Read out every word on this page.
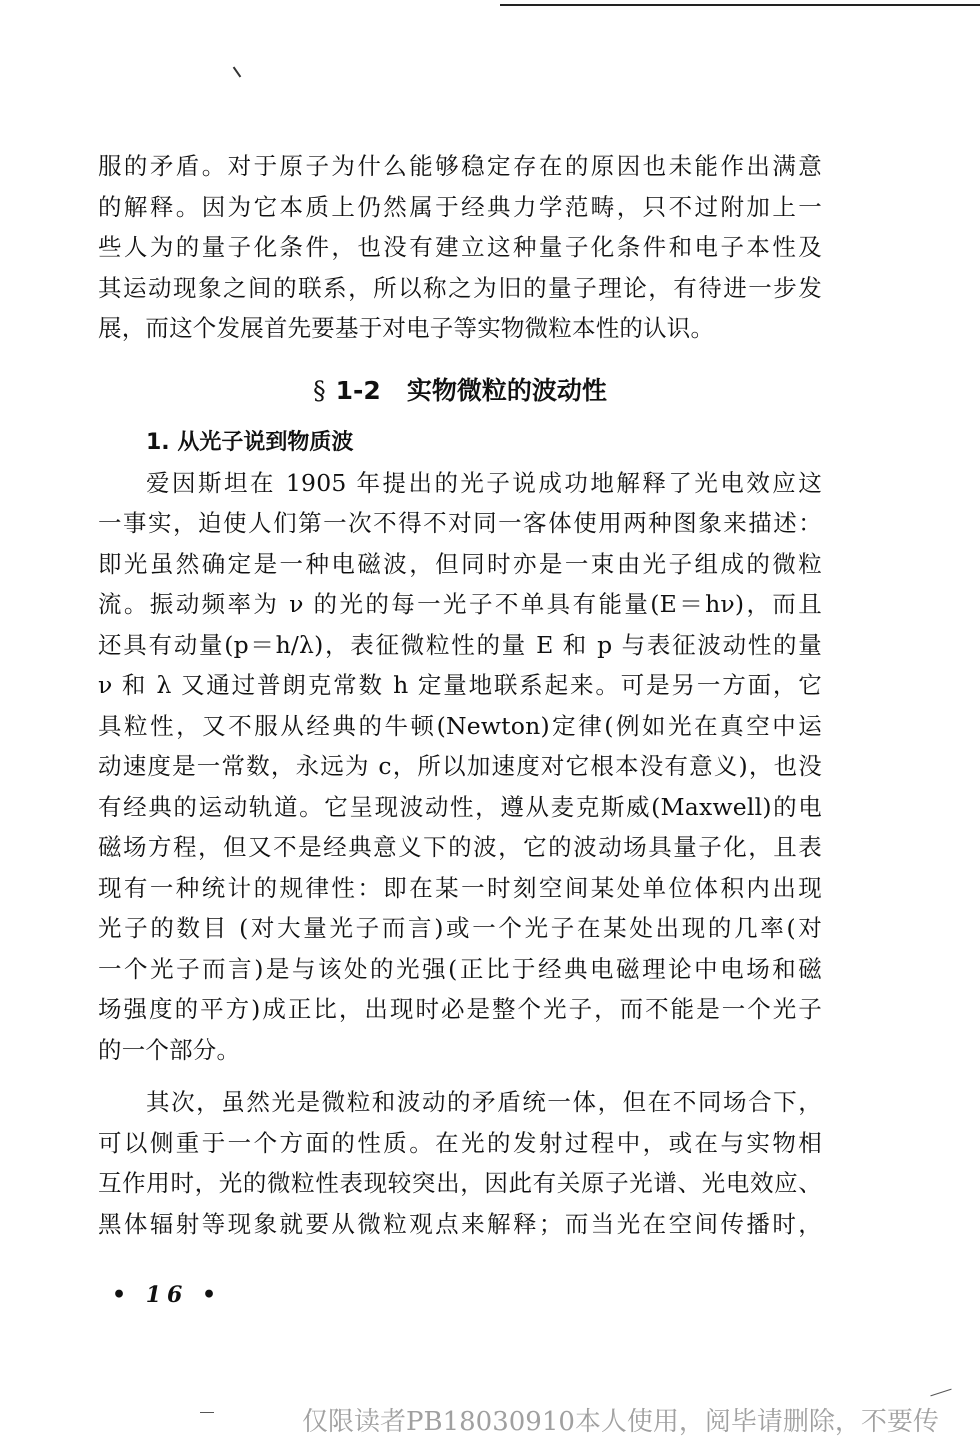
服的矛盾。对于原子为什么能够稳定存在的原因也未能作出满意
的解释。因为它本质上仍然属于经典力学范畴，只不过附加上一
些人为的量子化条件，也没有建立这种量子化条件和电子本性及
其运动现象之间的联系，所以称之为旧的量子理论，有待进一步发
展，而这个发展首先要基于对电子等实物微粒本性的认识。
§ 1-2 实物微粒的波动性
1. 从光子说到物质波
爱因斯坦在 1905 年提出的光子说成功地解释了光电效应这
一事实，迫使人们第一次不得不对同一客体使用两种图象来描述：
即光虽然确定是一种电磁波，但同时亦是一束由光子组成的微粒
流。振动频率为 ν 的光的每一光子不单具有能量(E＝hν)，而且
还具有动量(p＝h/λ)，表征微粒性的量 E 和 p 与表征波动性的量
ν 和 λ 又通过普朗克常数 h 定量地联系起来。可是另一方面，它
具粒性，又不服从经典的牛顿(Newton)定律(例如光在真空中运
动速度是一常数，永远为 c，所以加速度对它根本没有意义)，也没
有经典的运动轨道。它呈现波动性，遵从麦克斯威(Maxwell)的电
磁场方程，但又不是经典意义下的波，它的波动场具量子化，且表
现有一种统计的规律性：即在某一时刻空间某处单位体积内出现
光子的数目 (对大量光子而言)或一个光子在某处出现的几率(对
一个光子而言)是与该处的光强(正比于经典电磁理论中电场和磁
场强度的平方)成正比，出现时必是整个光子，而不能是一个光子
的一个部分。
其次，虽然光是微粒和波动的矛盾统一体，但在不同场合下，
可以侧重于一个方面的性质。在光的发射过程中，或在与实物相
互作用时，光的微粒性表现较突出，因此有关原子光谱、光电效应、
黑体辐射等现象就要从微粒观点来解释；而当光在空间传播时，
• 16 •
仅限读者PB18030910本人使用，阅毕请删除，不要传
